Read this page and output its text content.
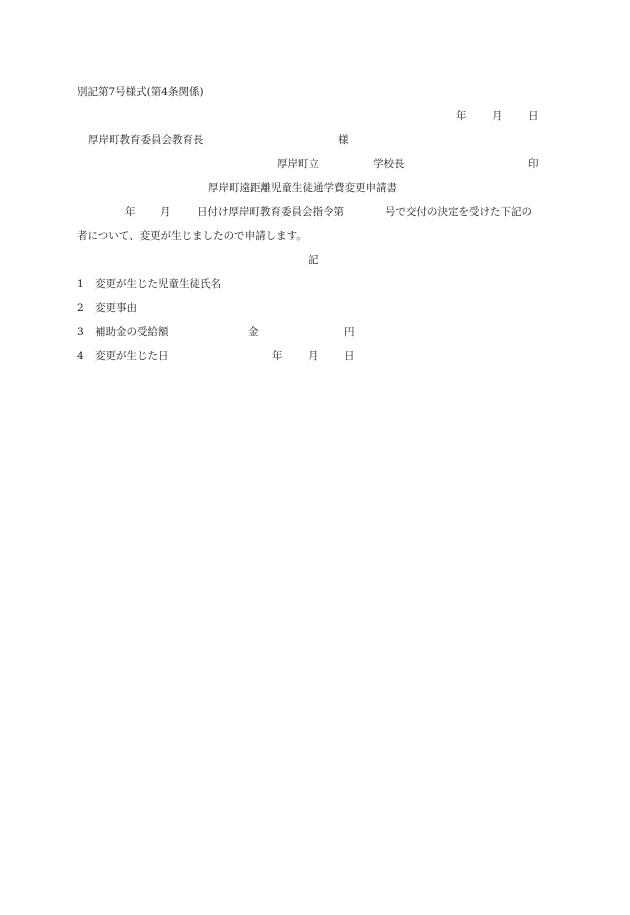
別記第7号様式(第4条関係)
年 月 日
厚岸町教育委員会教育長	様
厚岸町立	学校長	印
厚岸町遠距離児童生徒通学費変更申請書
年 月	日付け厚岸町教育委員会指令第	号で交付の決定を受けた下記の
者について、変更が生じましたので申請します。
記
1 変更が生じた児童生徒氏名
2 変更事由
3 補助金の受給額	金	円
4 変更が生じた日	年 月 日
